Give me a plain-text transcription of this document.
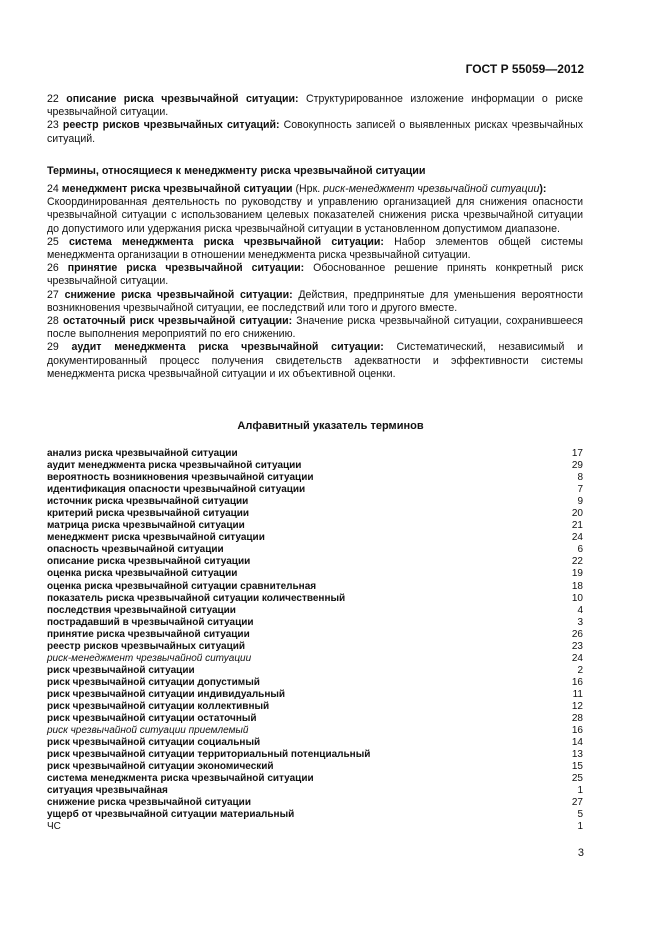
ГОСТ Р 55059—2012

22 описание риска чрезвычайной ситуации: Структурированное изложение информации о риске чрезвычайной ситуации.

23 реестр рисков чрезвычайных ситуаций: Совокупность записей о выявленных рисках чрезвычайных ситуаций.

Термины, относящиеся к менеджменту риска чрезвычайной ситуации

24 менеджмент риска чрезвычайной ситуации (Нрк. риск-менеджмент чрезвычайной ситуации):
Скоординированная деятельность по руководству и управлению организацией для снижения опасности чрезвычайной ситуации с использованием целевых показателей снижения риска чрезвычайной ситуации до допустимого или удержания риска чрезвычайной ситуации в установленном допустимом диапазоне.

25 система менеджмента риска чрезвычайной ситуации: Набор элементов общей системы менеджмента организации в отношении менеджмента риска чрезвычайной ситуации.

26 принятие риска чрезвычайной ситуации: Обоснованное решение принять конкретный риск чрезвычайной ситуации.

27 снижение риска чрезвычайной ситуации: Действия, предпринятые для уменьшения вероятности возникновения чрезвычайной ситуации, ее последствий или того и другого вместе.

28 остаточный риск чрезвычайной ситуации: Значение риска чрезвычайной ситуации, сохранившееся после выполнения мероприятий по его снижению.

29 аудит менеджмента риска чрезвычайной ситуации: Систематический, независимый и документированный процесс получения свидетельств адекватности и эффективности системы менеджмента риска чрезвычайной ситуации и их объективной оценки.

Алфавитный указатель терминов
анализ риска чрезвычайной ситуации	17
аудит менеджмента риска чрезвычайной ситуации	29
вероятность возникновения чрезвычайной ситуации	8
идентификация опасности чрезвычайной ситуации	7
источник риска чрезвычайной ситуации	9
критерий риска чрезвычайной ситуации	20
матрица риска чрезвычайной ситуации	21
менеджмент риска чрезвычайной ситуации	24
опасность чрезвычайной ситуации	6
описание риска чрезвычайной ситуации	22
оценка риска чрезвычайной ситуации	19
оценка риска чрезвычайной ситуации сравнительная	18
показатель риска чрезвычайной ситуации количественный	10
последствия чрезвычайной ситуации	4
пострадавший в чрезвычайной ситуации	3
принятие риска чрезвычайной ситуации	26
реестр рисков чрезвычайных ситуаций	23
риск-менеджмент чрезвычайной ситуации	24
риск чрезвычайной ситуации	2
риск чрезвычайной ситуации допустимый	16
риск чрезвычайной ситуации индивидуальный	11
риск чрезвычайной ситуации коллективный	12
риск чрезвычайной ситуации остаточный	28
риск чрезвычайной ситуации приемлемый	16
риск чрезвычайной ситуации социальный	14
риск чрезвычайной ситуации территориальный потенциальный	13
риск чрезвычайной ситуации экономический	15
система менеджмента риска чрезвычайной ситуации	25
ситуация чрезвычайная	1
снижение риска чрезвычайной ситуации	27
ущерб от чрезвычайной ситуации материальный	5
ЧС	1
3
